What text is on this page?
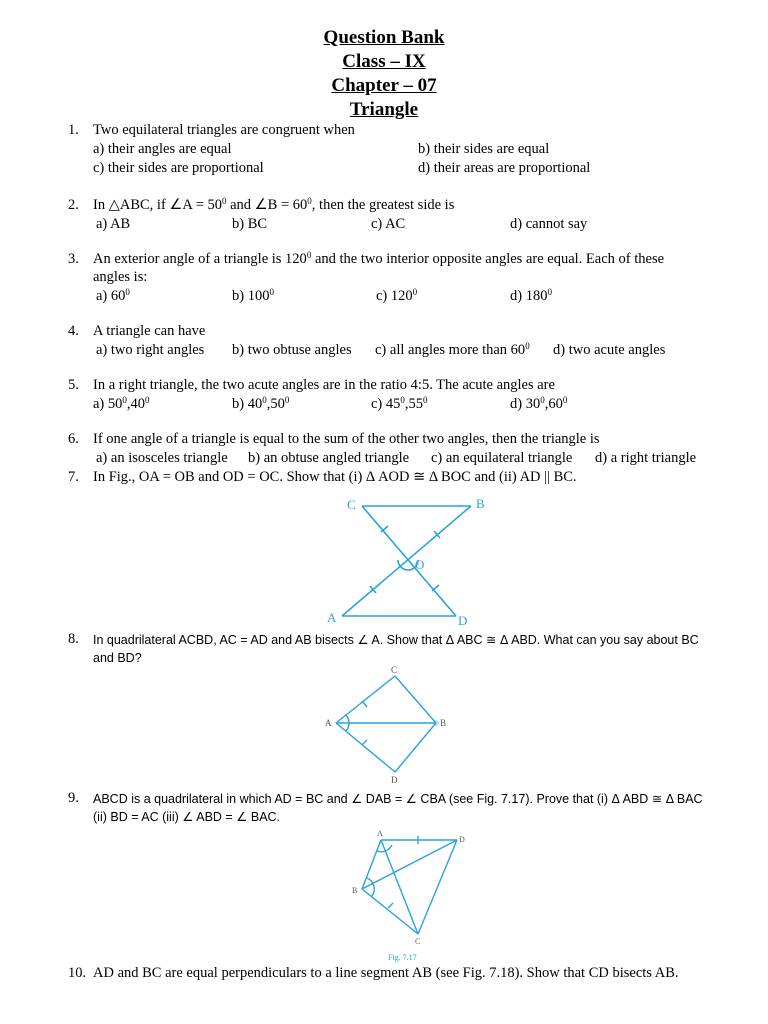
Question Bank
Class – IX
Chapter – 07
Triangle
1. Two equilateral triangles are congruent when
a) their angles are equal	b) their sides are equal
c) their sides are proportional	d) their areas are proportional
2. In △ABC, if ∠A = $50^0$ and ∠B = $60^0$, then the greatest side is
a) AB	b) BC	c) AC	d) cannot say
3. An exterior angle of a triangle is $120^0$ and the two interior opposite angles are equal. Each of these
angles is:
a) $60^0$	b) $100^0$	c) $120^0$	d) $180^0$
4. A triangle can have
a) two right angles b) two obtuse angles c) all angles more than $60^0$ d) two acute angles
5. In a right triangle, the two acute angles are in the ratio 4:5. The acute angles are
a) $50^0,40^0$	b) $40^0,50^0$	c) $45^0,55^0$	d) $30^0,60^0$
6. If one angle of a triangle is equal to the sum of the other two angles, then the triangle is
a) an isosceles triangle b) an obtuse angled triangle c) an equilateral triangle d) a right triangle
7. In Fig., OA = OB and OD = OC. Show that (i) Δ AOD ≅ Δ BOC and (ii) AD || BC.
C	B
O
A	D
8. In quadrilateral ACBD, AC = AD and AB bisects ∠ A. Show that Δ ABC ≅ Δ ABD. What can you say about BC
and BD?
C
A	B
D
9. ABCD is a quadrilateral in which AD = BC and ∠ DAB = ∠ CBA (see Fig. 7.17). Prove that (i) Δ ABD ≅ Δ BAC
(ii) BD = AC (iii) ∠ ABD = ∠ BAC.
A
D
B
C
Fig. 7.17
10. AD and BC are equal perpendiculars to a line segment AB (see Fig. 7.18). Show that CD bisects AB.
